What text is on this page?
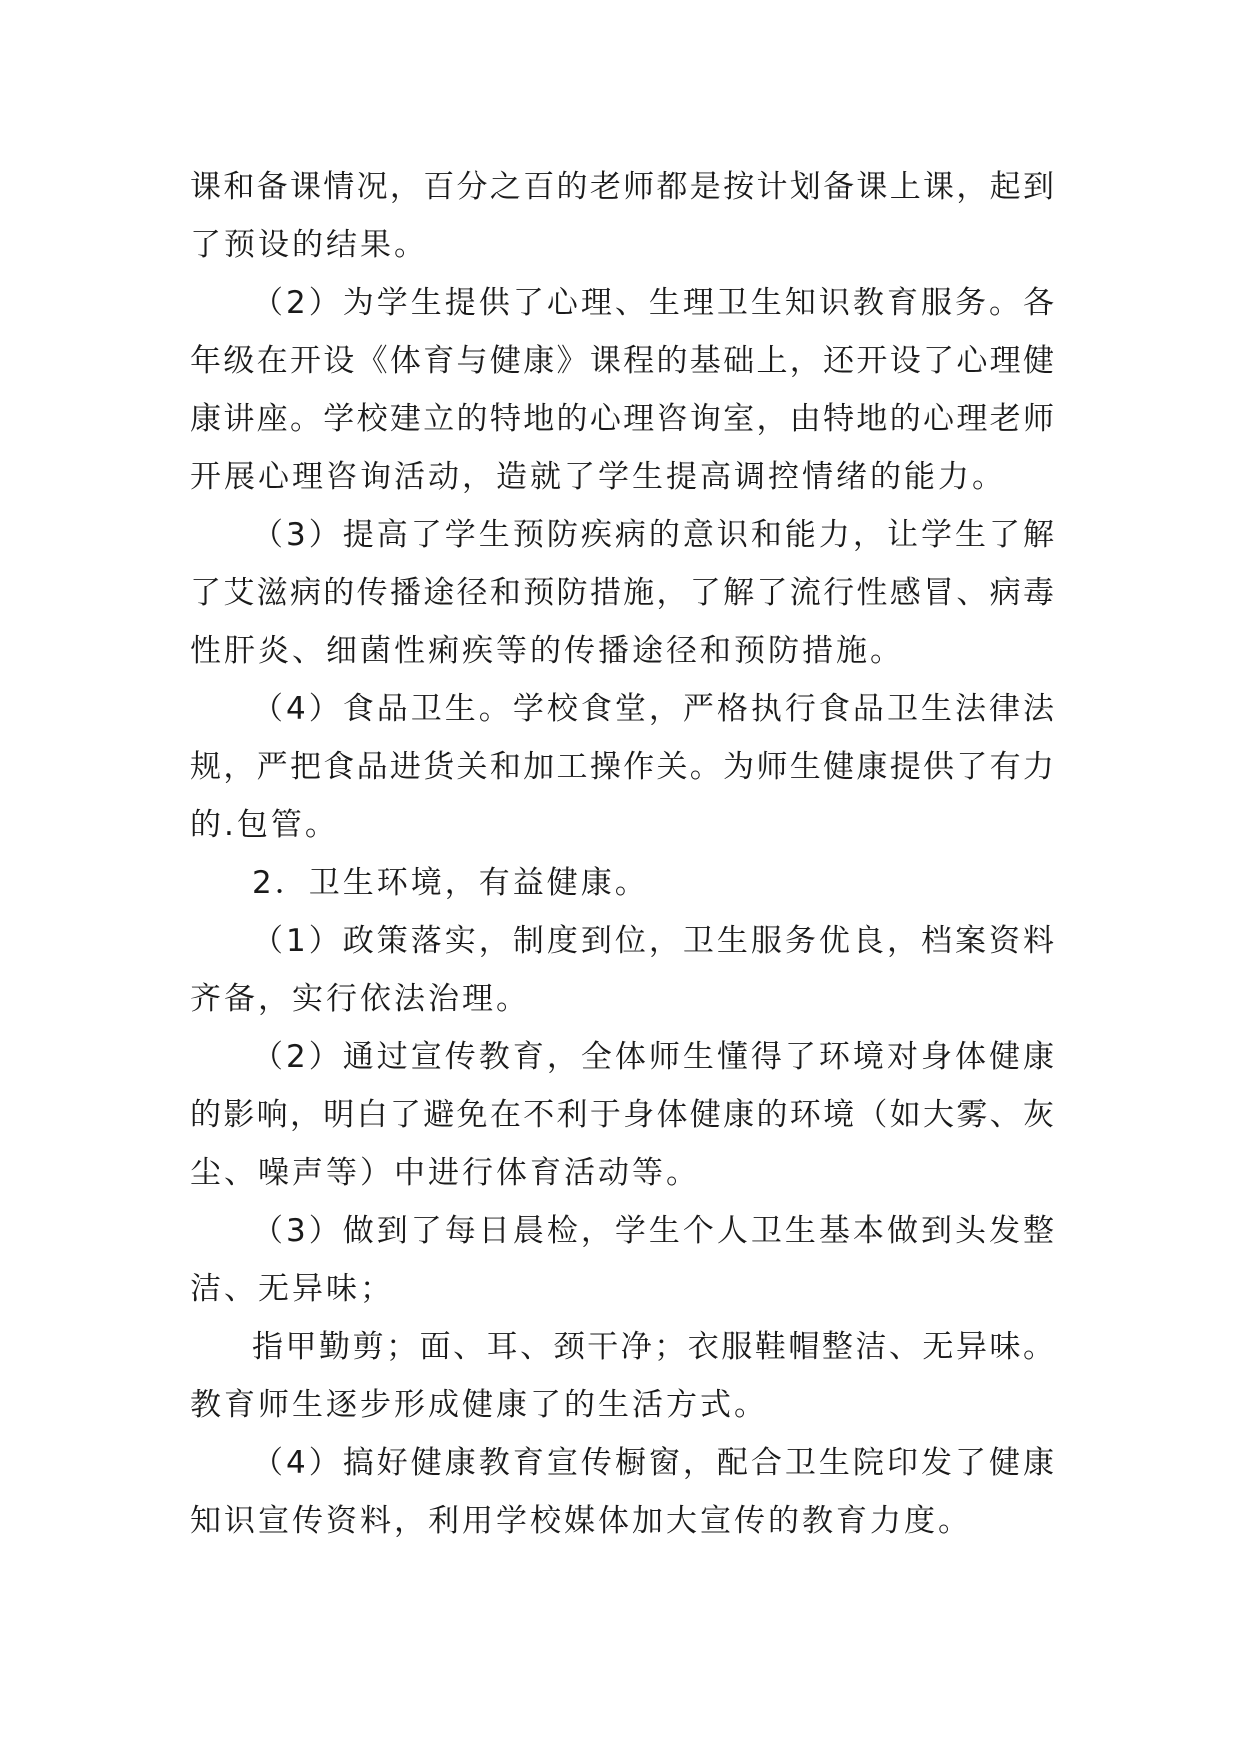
课和备课情况，百分之百的老师都是按计划备课上课，起到
了预设的结果。
（2）为学生提供了心理、生理卫生知识教育服务。各
年级在开设《体育与健康》课程的基础上，还开设了心理健
康讲座。学校建立的特地的心理咨询室，由特地的心理老师
开展心理咨询活动，造就了学生提高调控情绪的能力。
（3）提高了学生预防疾病的意识和能力，让学生了解
了艾滋病的传播途径和预防措施，了解了流行性感冒、病毒
性肝炎、细菌性痢疾等的传播途径和预防措施。
（4）食品卫生。学校食堂，严格执行食品卫生法律法
规，严把食品进货关和加工操作关。为师生健康提供了有力
的.包管。
2．卫生环境，有益健康。
（1）政策落实，制度到位，卫生服务优良，档案资料
齐备，实行依法治理。
（2）通过宣传教育，全体师生懂得了环境对身体健康
的影响，明白了避免在不利于身体健康的环境（如大雾、灰
尘、噪声等）中进行体育活动等。
（3）做到了每日晨检，学生个人卫生基本做到头发整
洁、无异味；
指甲勤剪；面、耳、颈干净；衣服鞋帽整洁、无异味。
教育师生逐步形成健康了的生活方式。
（4）搞好健康教育宣传橱窗，配合卫生院印发了健康
知识宣传资料，利用学校媒体加大宣传的教育力度。
